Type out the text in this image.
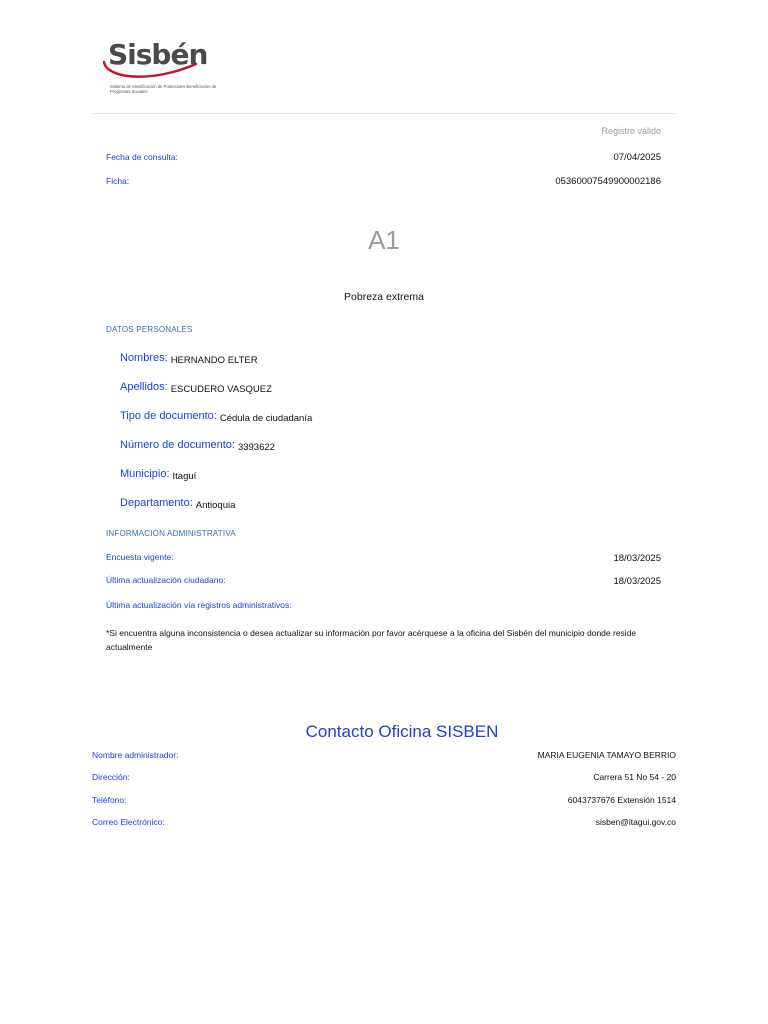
Sisbén
Sistema de Identificación de Potenciales Beneficiarios de Programas Sociales
Registro válido
Fecha de consulta:	07/04/2025
Ficha:	05360007549900002186
A1
Pobreza extrema
DATOS PERSONALES
Nombres: HERNANDO ELTER
Apellidos: ESCUDERO VASQUEZ
Tipo de documento: Cédula de ciudadanía
Número de documento: 3393622
Municipio: Itaguí
Departamento: Antioquia
INFORMACIÓN ADMINISTRATIVA
Encuesta vigente:	18/03/2025
Última actualización ciudadano:	18/03/2025
Última actualización vía registros administrativos:
*Si encuentra alguna inconsistencia o desea actualizar su información por favor acérquese a la oficina del Sisbén del municipio donde reside actualmente
Contacto Oficina SISBEN
Nombre administrador:	MARIA EUGENIA TAMAYO BERRIO
Dirección:	Carrera 51 No 54 - 20
Teléfono:	6043737676 Extensión 1514
Correo Electrónico:	sisben@itagui.gov.co
